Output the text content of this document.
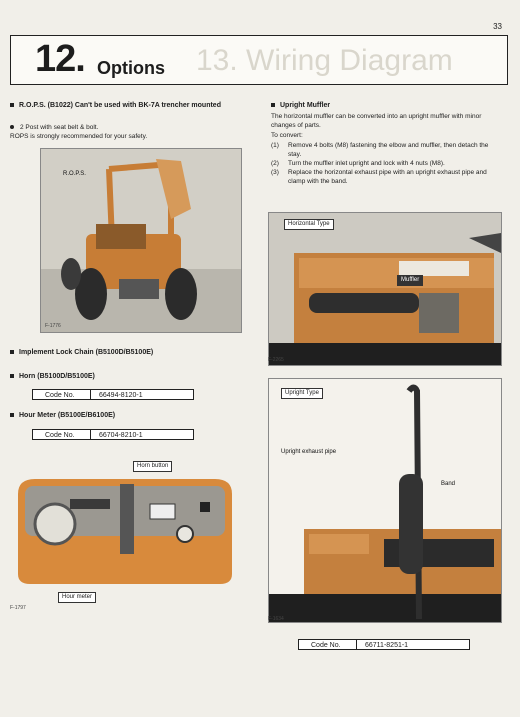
33
13. Wiring Diagram
12. Options
R.O.P.S. (B1022) Can't be used with BK-7A trencher mounted
2 Post with seat belt & bolt.
ROPS is strongly recommended for your safety.
R.O.P.S.
F-1776
Implement Lock Chain (B5100D/B5100E)
Horn (B5100D/B5100E)
Code No.	66494-8120-1
Hour Meter (B5100E/B6100E)
Code No.	66704-8210-1
Horn button
Hour meter
F-1797
Upright Muffler
The horizontal muffler can be converted into an upright muffler with minor changes of parts.
To convert:
(1)	Remove 4 bolts (M8) fastening the elbow and muffler, then detach the stay.
(2)	Turn the muffler inlet upright and lock with 4 nuts (M8).
(3)	Replace the horizontal exhaust pipe with an upright exhaust pipe and clamp with the band.
Horizontal Type
Muffler
F-2265
Upright Type
Upright exhaust pipe
Band
F-1634
Code No.	66711-8251-1
